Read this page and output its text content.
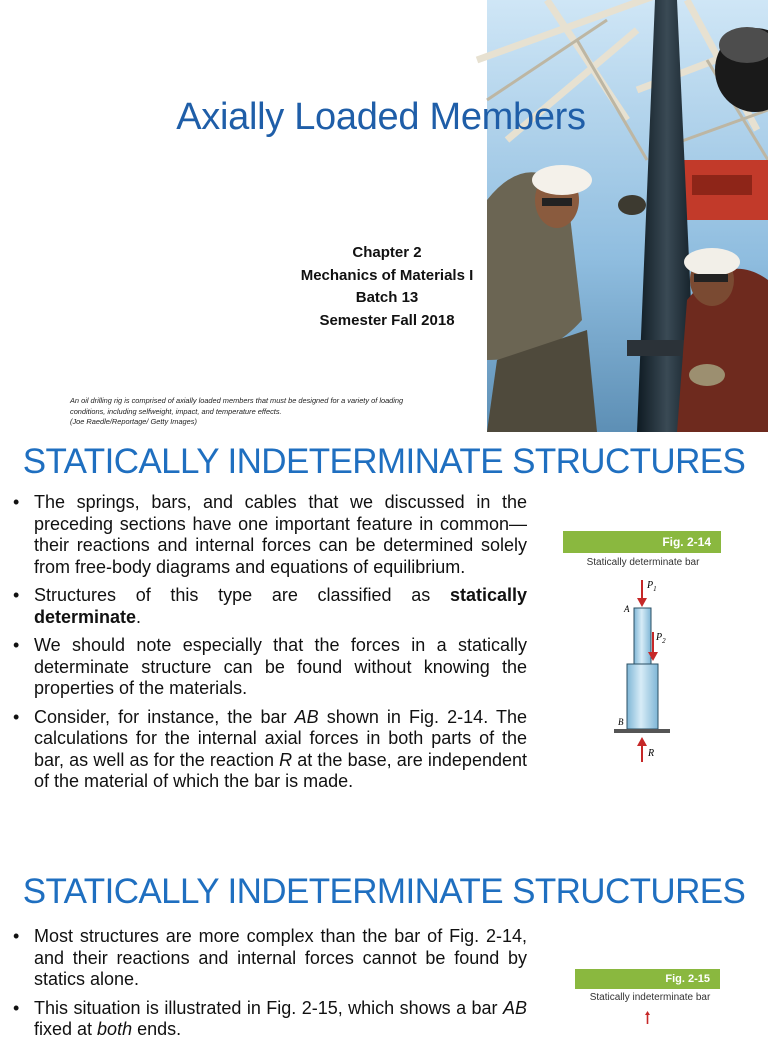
Axially Loaded Members
Chapter 2
Mechanics of Materials I
Batch 13
Semester Fall 2018
An oil drilling rig is comprised of axially loaded members that must be designed for a variety of loading
conditions, including selfweight, impact, and temperature effects.
(Joe Raedle/Reportage/ Getty Images)
STATICALLY INDETERMINATE STRUCTURES
• The springs, bars, and cables that we discussed in the preceding sections have one important feature in common—their reactions and internal forces can be determined solely from free-body diagrams and equations of equilibrium.
• Structures of this type are classified as statically determinate.
• We should note especially that the forces in a statically determinate structure can be found without knowing the properties of the materials.
• Consider, for instance, the bar AB shown in Fig. 2-14. The calculations for the internal axial forces in both parts of the bar, as well as for the reaction R at the base, are independent of the material of which the bar is made.
Fig. 2-14
Statically determinate bar
$P_1$
A
$P_2$
B
R
STATICALLY INDETERMINATE STRUCTURES
• Most structures are more complex than the bar of Fig. 2-14, and their reactions and internal forces cannot be found by statics alone.
• This situation is illustrated in Fig. 2-15, which shows a bar AB fixed at both ends.
Fig. 2-15
Statically indeterminate bar
